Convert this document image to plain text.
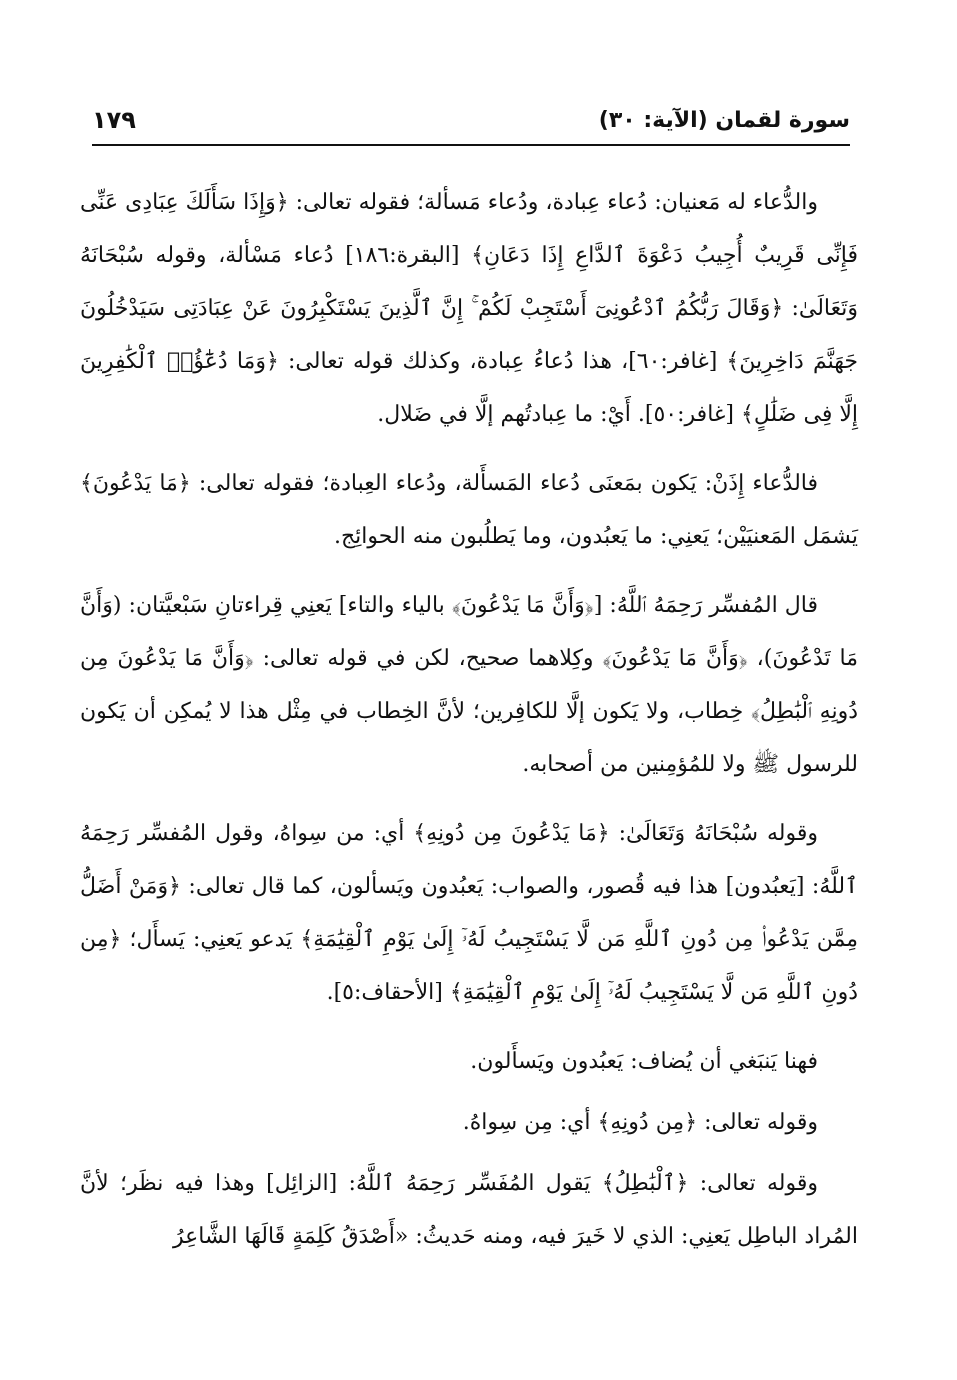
سورة لقمان (الآية: ٣٠)
١٧٩

والدُّعاء له مَعنيان: دُعاء عِبادة، ودُعاء مَسألة؛ فقوله تعالى: ﴿وَإِذَا سَأَلَكَ عِبَادِى عَنِّى فَإِنِّى قَرِيبٌ أُجِيبُ دَعْوَةَ ٱلدَّاعِ إِذَا دَعَانِ﴾ [البقرة:١٨٦] دُعاء مَسْألة، وقوله سُبْحَانَهُ وَتَعَالَىٰ: ﴿وَقَالَ رَبُّكُمُ ٱدْعُونِىٓ أَسْتَجِبْ لَكُمْ ۚ إِنَّ ٱلَّذِينَ يَسْتَكْبِرُونَ عَنْ عِبَادَتِى سَيَدْخُلُونَ جَهَنَّمَ دَاخِرِينَ﴾ [غافر:٦٠]، هذا دُعاءُ عِبادة، وكذلك قوله تعالى: ﴿وَمَا دُعَٰٓؤُا۟ ٱلْكَٰفِرِينَ إِلَّا فِى ضَلَٰلٍ﴾ [غافر:٥٠]. أَيْ: ما عِبادتُهم إلَّا في ضَلال.

فالدُّعاء إِذَنْ: يَكون بمَعنَى دُعاء المَسأَلة، ودُعاء العِبادة؛ فقوله تعالى: ﴿مَا يَدْعُونَ﴾ يَشمَل المَعنيَيْن؛ يَعنِي: ما يَعبُدون، وما يَطلُبون منه الحوائِج.

قال المُفسِّر رَحِمَهُ ٱللَّهُ: [﴿وَأَنَّ مَا يَدْعُونَ﴾ بالياء والتاء] يَعنِي قِراءتانِ سَبْعيَّتان: (وَأَنَّ مَا تَدْعُونَ)، ﴿وَأَنَّ مَا يَدْعُونَ﴾ وكِلاهما صحيح، لكن في قوله تعالى: ﴿وَأَنَّ مَا يَدْعُونَ مِن دُونِهِ ٱلْبَٰطِلُ﴾ خِطاب، ولا يَكون إلَّا للكافِرين؛ لأنَّ الخِطاب في مِثْل هذا لا يُمكِن أن يَكون للرسول ﷺ ولا للمُؤمِنين من أصحابه.

وقوله سُبْحَانَهُ وَتَعَالَىٰ: ﴿مَا يَدْعُونَ مِن دُونِهِ﴾ أي: من سِواهُ، وقول المُفسِّر رَحِمَهُ ٱللَّهُ: [يَعبُدون] هذا فيه قُصور، والصواب: يَعبُدون ويَسألون، كما قال تعالى: ﴿وَمَنْ أَضَلُّ مِمَّن يَدْعُوا۟ مِن دُونِ ٱللَّهِ مَن لَّا يَسْتَجِيبُ لَهُۥٓ إِلَىٰ يَوْمِ ٱلْقِيَٰمَةِ﴾ يَدعو يَعنِي: يَسأَل؛ ﴿مِن دُونِ ٱللَّهِ مَن لَّا يَسْتَجِيبُ لَهُۥٓ إِلَىٰ يَوْمِ ٱلْقِيَٰمَةِ﴾ [الأحقاف:٥].

فهنا يَنبَغي أن يُضاف: يَعبُدون ويَسأَلون.

وقوله تعالى: ﴿مِن دُونِهِ﴾ أي: مِن سِواهُ.

وقوله تعالى: ﴿ٱلْبَٰطِلُ﴾ يَقول المُفَسِّر رَحِمَهُ ٱللَّهُ: [الزائِل] وهذا فيه نظَر؛ لأنَّ المُراد الباطِل يَعنِي: الذي لا خَيرَ فيه، ومنه حَديثُ: «أَصْدَقُ كَلِمَةٍ قَالَهَا الشَّاعِرُ
